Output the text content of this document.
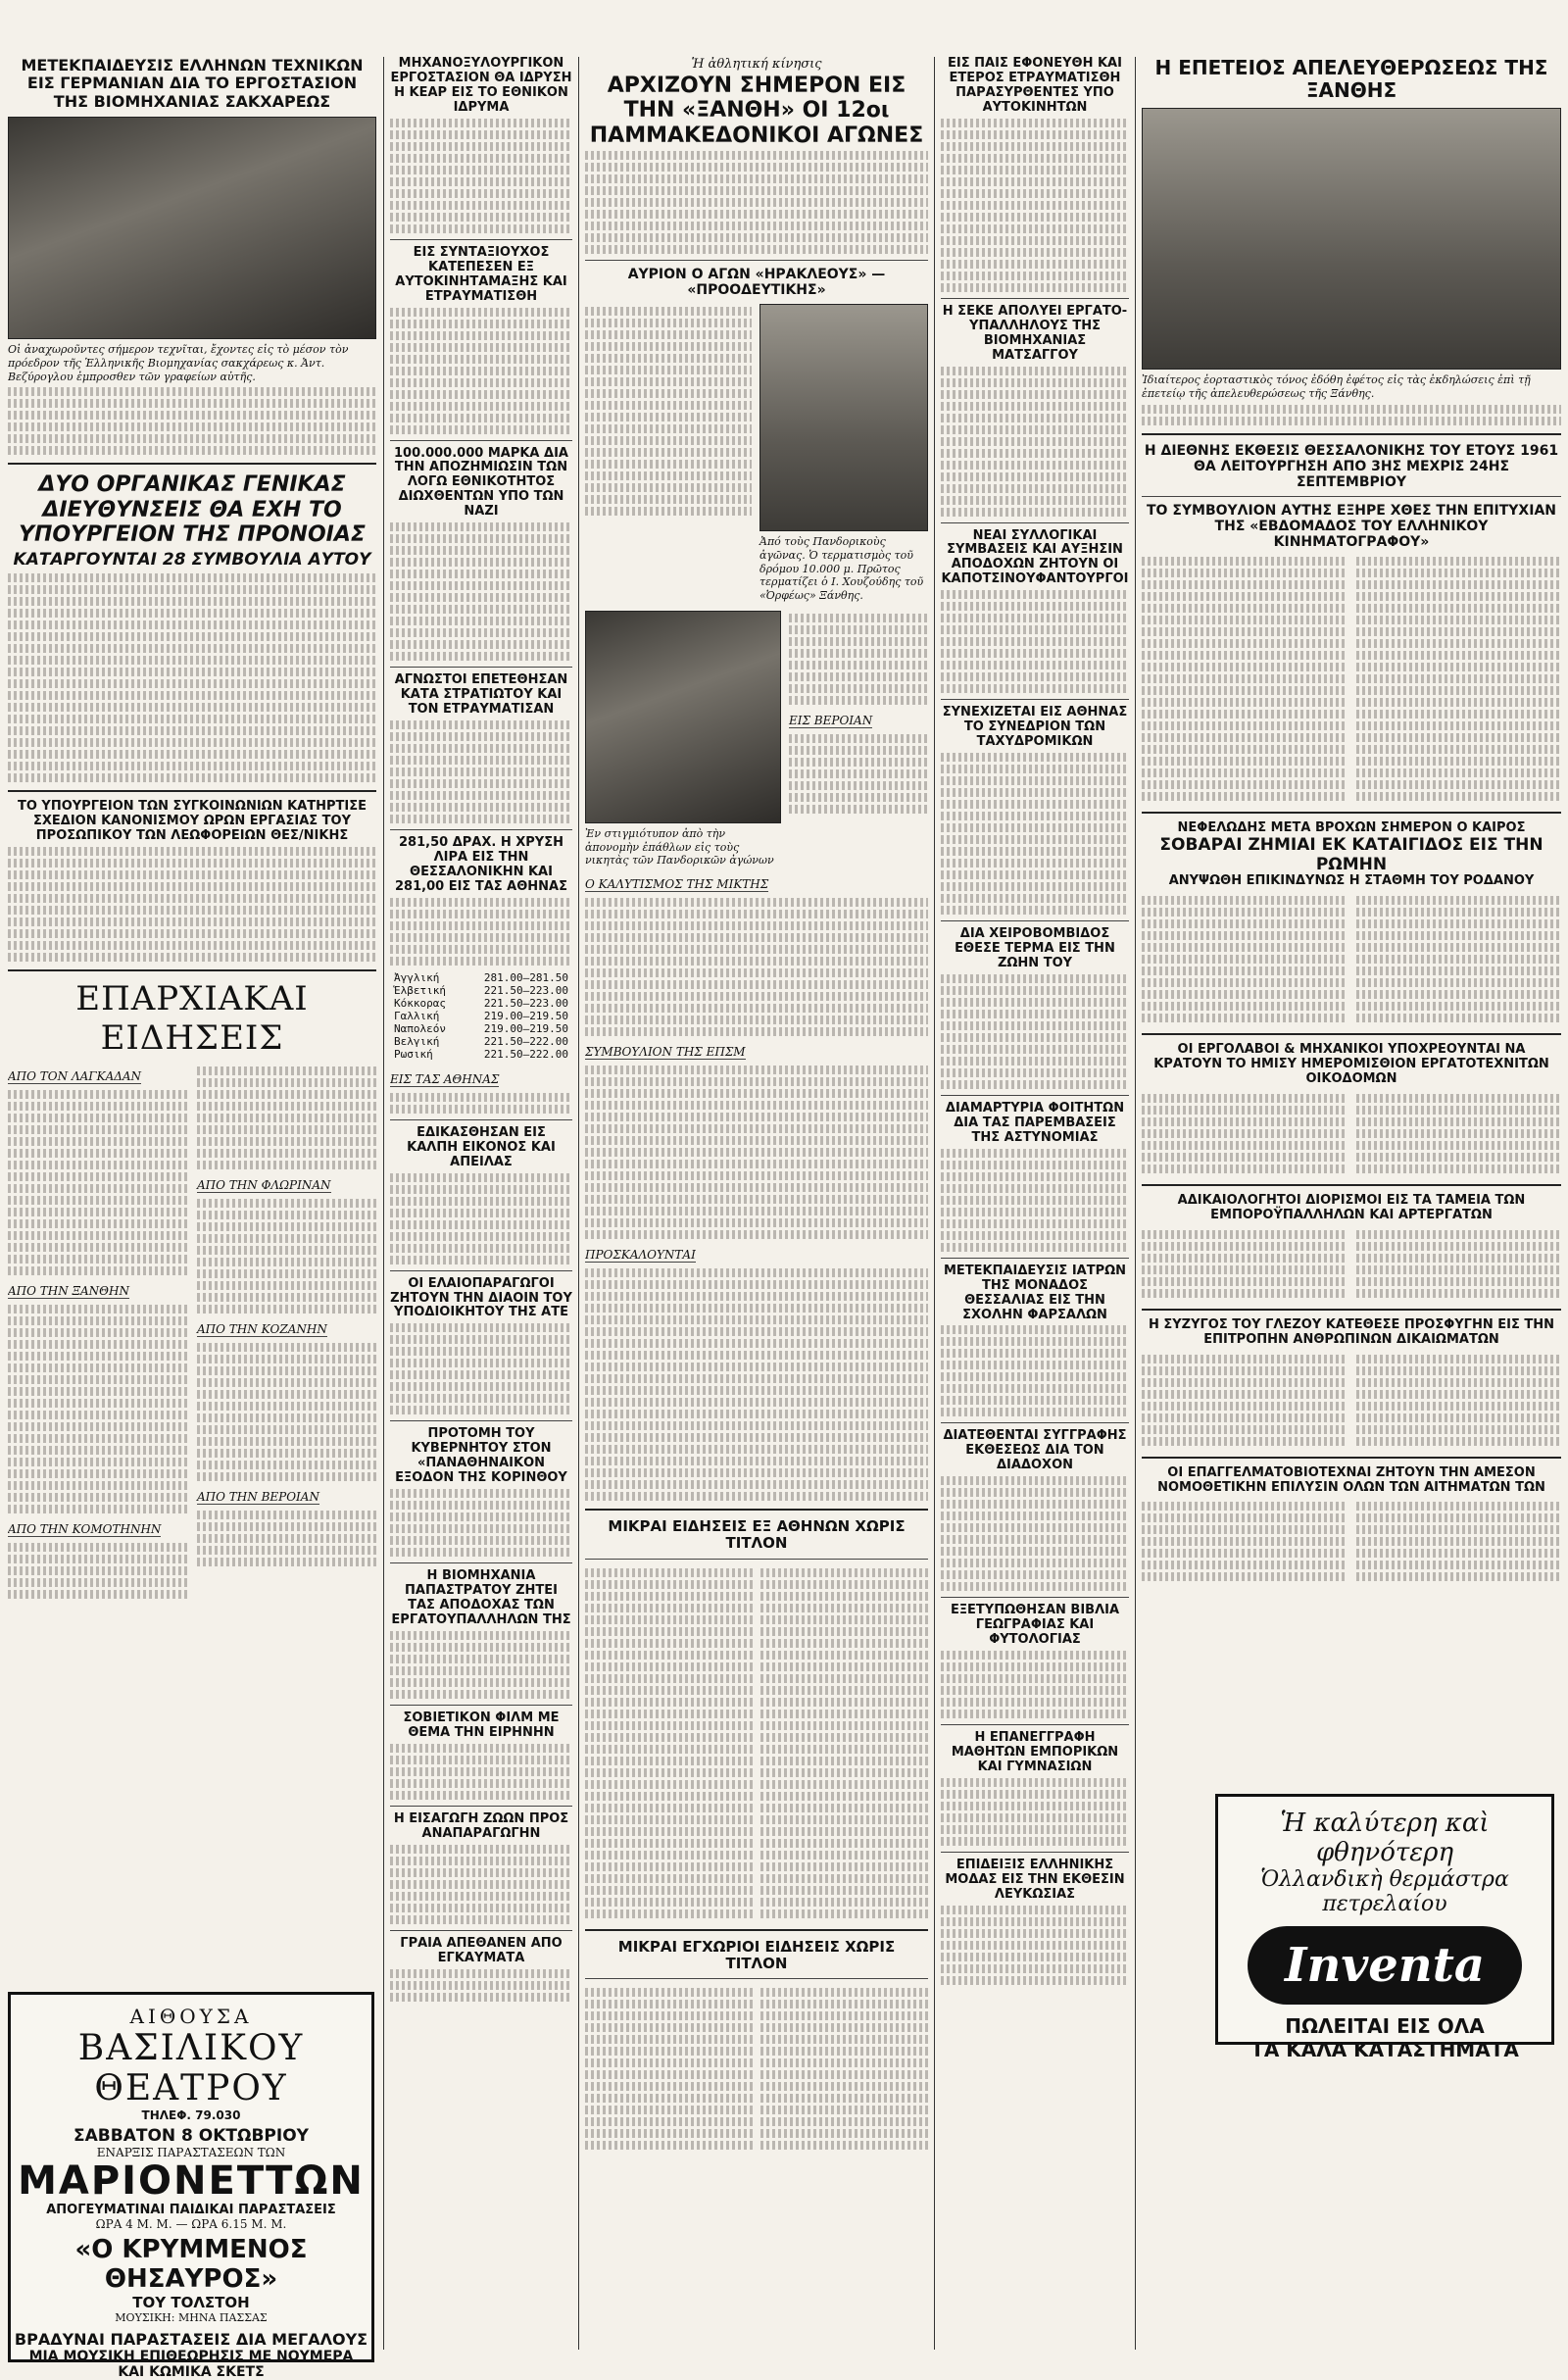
ΜΕΤΕΚΠΑΙΔΕΥΣΙΣ ΕΛΛΗΝΩΝ ΤΕΧΝΙΚΩΝ ΕΙΣ ΓΕΡΜΑΝΙΑΝ ΔΙΑ ΤΟ ΕΡΓΟΣΤΑΣΙΟΝ ΤΗΣ ΒΙΟΜΗΧΑΝΙΑΣ ΣΑΚΧΑΡΕΩΣ
Οἱ ἀναχωροῦντες σήμερον τεχνῖται, ἔχοντες εἰς τὸ μέσον τὸν πρόεδρον τῆς Ἑλληνικῆς Βιομηχανίας σακχάρεως κ. Ἀντ. Βεζύρογλου ἐμπροσθεν τῶν γραφείων αὐτῆς.
ΔΥΟ ΟΡΓΑΝΙΚΑΣ ΓΕΝΙΚΑΣ ΔΙΕΥΘΥΝΣΕΙΣ ΘΑ ΕΧΗ ΤΟ ΥΠΟΥΡΓΕΙΟΝ ΤΗΣ ΠΡΟΝΟΙΑΣ
ΚΑΤΑΡΓΟΥΝΤΑΙ 28 ΣΥΜΒΟΥΛΙΑ ΑΥΤΟΥ
ΤΟ ΥΠΟΥΡΓΕΙΟΝ ΤΩΝ ΣΥΓΚΟΙΝΩΝΙΩΝ ΚΑΤΗΡΤΙΣΕ ΣΧΕΔΙΟΝ ΚΑΝΟΝΙΣΜΟΥ ΩΡΩΝ ΕΡΓΑΣΙΑΣ ΤΟΥ ΠΡΟΣΩΠΙΚΟΥ ΤΩΝ ΛΕΩΦΟΡΕΙΩΝ ΘΕΣ/ΝΙΚΗΣ
ΕΠΑΡΧΙΑΚΑΙ ΕΙΔΗΣΕΙΣ
ΑΠΟ ΤΟΝ ΛΑΓΚΑΔΑΝ
ΑΠΟ ΤΗΝ ΞΑΝΘΗΝ
ΑΠΟ ΤΗΝ ΚΟΜΟΤΗΝΗΝ
ΑΠΟ ΤΗΝ ΦΛΩΡΙΝΑΝ
ΑΠΟ ΤΗΝ ΚΟΖΑΝΗΝ
ΑΠΟ ΤΗΝ ΒΕΡΟΙΑΝ
ΑΙΘΟΥΣΑ
ΒΑΣΙΛΙΚΟΥ ΘΕΑΤΡΟΥ
ΤΗΛΕΦ. 79.030
ΣΑΒΒΑΤΟΝ 8 ΟΚΤΩΒΡΙΟΥ
ΕΝΑΡΞΙΣ ΠΑΡΑΣΤΑΣΕΩΝ ΤΩΝ
ΜΑΡΙΟΝΕΤΤΩΝ
ΑΠΟΓΕΥΜΑΤΙΝΑΙ ΠΑΙΔΙΚΑΙ ΠΑΡΑΣΤΑΣΕΙΣ
ΩΡΑ 4 Μ. Μ. — ΩΡΑ 6.15 Μ. Μ.
«Ο ΚΡΥΜΜΕΝΟΣ ΘΗΣΑΥΡΟΣ»
ΤΟΥ ΤΟΛΣΤΟΗ
ΜΟΥΣΙΚΗ: ΜΗΝΑ ΠΑΣΣΑΣ
ΒΡΑΔΥΝΑΙ ΠΑΡΑΣΤΑΣΕΙΣ ΔΙΑ ΜΕΓΑΛΟΥΣ
ΜΙΑ ΜΟΥΣΙΚΗ ΕΠΙΘΕΩΡΗΣΙΣ ΜΕ ΝΟΥΜΕΡΑ
ΚΑΙ ΚΩΜΙΚΑ ΣΚΕΤΣ
ΜΗΧΑΝΟΞΥΛΟΥΡΓΙΚΟΝ ΕΡΓΟΣΤΑΣΙΟΝ ΘΑ ΙΔΡΥΣΗ Η ΚΕΑΡ ΕΙΣ ΤΟ ΕΘΝΙΚΟΝ ΙΔΡΥΜΑ
ΕΙΣ ΣΥΝΤΑΞΙΟΥΧΟΣ ΚΑΤΕΠΕΣΕΝ ΕΞ ΑΥΤΟΚΙΝΗΤΑΜΑΞΗΣ ΚΑΙ ΕΤΡΑΥΜΑΤΙΣΘΗ
100.000.000 ΜΑΡΚΑ ΔΙΑ ΤΗΝ ΑΠΟΖΗΜΙΩΣΙΝ ΤΩΝ ΛΟΓΩ ΕΘΝΙΚΟΤΗΤΟΣ ΔΙΩΧΘΕΝΤΩΝ ΥΠΟ ΤΩΝ ΝΑΖΙ
ΑΓΝΩΣΤΟΙ ΕΠΕΤΕΘΗΣΑΝ ΚΑΤΑ ΣΤΡΑΤΙΩΤΟΥ ΚΑΙ ΤΟΝ ΕΤΡΑΥΜΑΤΙΣΑΝ
281,50 ΔΡΑΧ. Η ΧΡΥΣΗ ΛΙΡΑ ΕΙΣ ΤΗΝ ΘΕΣΣΑΛΟΝΙΚΗΝ ΚΑΙ 281,00 ΕΙΣ ΤΑΣ ΑΘΗΝΑΣ
Ἀγγλική	281.00—281.50
Ἑλβετική	221.50—223.00
Κόκκορας	221.50—223.00
Γαλλική	219.00—219.50
Ναπολεόν	219.00—219.50
Βελγική	221.50—222.00
Ρωσική	221.50—222.00
ΕΙΣ ΤΑΣ ΑΘΗΝΑΣ
ΕΔΙΚΑΣΘΗΣΑΝ ΕΙΣ ΚΑΛΠΗ ΕΙΚΟΝΟΣ ΚΑΙ ΑΠΕΙΛΑΣ
ΟΙ ΕΛΑΙΟΠΑΡΑΓΩΓΟΙ ΖΗΤΟΥΝ ΤΗΝ ΔΙΑΟΙΝ ΤΟΥ ΥΠΟΔΙΟΙΚΗΤΟΥ ΤΗΣ ΑΤΕ
ΠΡΟΤΟΜΗ ΤΟΥ ΚΥΒΕΡΝΗΤΟΥ ΣΤΟΝ «ΠΑΝΑΘΗΝΑΙΚΟΝ ΕΞΟΔΟΝ ΤΗΣ ΚΟΡΙΝΘΟΥ
Η ΒΙΟΜΗΧΑΝΙΑ ΠΑΠΑΣΤΡΑΤΟΥ ΖΗΤΕΙ ΤΑΣ ΑΠΟΔΟΧΑΣ ΤΩΝ ΕΡΓΑΤΟΥΠΑΛΛΗΛΩΝ ΤΗΣ
ΣΟΒΙΕΤΙΚΟΝ ΦΙΛΜ ΜΕ ΘΕΜΑ ΤΗΝ ΕΙΡΗΝΗΝ
Η ΕΙΣΑΓΩΓΗ ΖΩΩΝ ΠΡΟΣ ΑΝΑΠΑΡΑΓΩΓΗΝ
ΓΡΑΙΑ ΑΠΕΘΑΝΕΝ ΑΠΟ ΕΓΚΑΥΜΑΤΑ
Ἡ ἀθλητική κίνησις
ΑΡΧΙΖΟΥΝ ΣΗΜΕΡΟΝ ΕΙΣ ΤΗΝ «ΞΑΝΘΗ» ΟΙ 12οι ΠΑΜΜΑΚΕΔΟΝΙΚΟΙ ΑΓΩΝΕΣ
ΑΥΡΙΟΝ Ο ΑΓΩΝ «ΗΡΑΚΛΕΟΥΣ» — «ΠΡΟΟΔΕΥΤΙΚΗΣ»
Ἀπό τοὺς Πανδορικοὺς ἀγῶνας. Ὁ τερματισμὸς τοῦ δρόμου 10.000 μ. Πρῶτος τερματίζει ὁ Ι. Χουζούδης τοῦ «Ὀρφέως» Ξάνθης.
Ἐν στιγμιότυπον ἀπὸ τὴν ἀπονομὴν ἐπάθλων εἰς τοὺς νικητὰς τῶν Πανδορικῶν ἀγώνων
ΕΙΣ ΒΕΡΟΙΑΝ
Ο ΚΑΛΥΤΙΣΜΟΣ ΤΗΣ ΜΙΚΤΗΣ
ΣΥΜΒΟΥΛΙΟΝ ΤΗΣ ΕΠΣΜ
ΠΡΟΣΚΑΛΟΥΝΤΑΙ
ΜΙΚΡΑΙ ΕΙΔΗΣΕΙΣ ΕΞ ΑΘΗΝΩΝ ΧΩΡΙΣ ΤΙΤΛΟΝ
ΜΙΚΡΑΙ ΕΓΧΩΡΙΟΙ ΕΙΔΗΣΕΙΣ ΧΩΡΙΣ ΤΙΤΛΟΝ
ΕΙΣ ΠΑΙΣ ΕΦΟΝΕΥΘΗ ΚΑΙ ΕΤΕΡΟΣ ΕΤΡΑΥΜΑΤΙΣΘΗ ΠΑΡΑΣΥΡΘΕΝΤΕΣ ΥΠΟ ΑΥΤΟΚΙΝΗΤΩΝ
Η ΣΕΚΕ ΑΠΟΛΥΕΙ ΕΡΓΑΤΟ-ΥΠΑΛΛΗΛΟΥΣ ΤΗΣ ΒΙΟΜΗΧΑΝΙΑΣ ΜΑΤΣΑΓΓΟΥ
ΝΕΑΙ ΣΥΛΛΟΓΙΚΑΙ ΣΥΜΒΑΣΕΙΣ ΚΑΙ ΑΥΞΗΣΙΝ ΑΠΟΔΟΧΩΝ ΖΗΤΟΥΝ ΟΙ ΚΑΠΟΤΣΙΝΟΥΦΑΝΤΟΥΡΓΟΙ
ΣΥΝΕΧΙΖΕΤΑΙ ΕΙΣ ΑΘΗΝΑΣ ΤΟ ΣΥΝΕΔΡΙΟΝ ΤΩΝ ΤΑΧΥΔΡΟΜΙΚΩΝ
ΔΙΑ ΧΕΙΡΟΒΟΜΒΙΔΟΣ ΕΘΕΣΕ ΤΕΡΜΑ ΕΙΣ ΤΗΝ ΖΩΗΝ ΤΟΥ
ΔΙΑΜΑΡΤΥΡΙΑ ΦΟΙΤΗΤΩΝ ΔΙΑ ΤΑΣ ΠΑΡΕΜΒΑΣΕΙΣ ΤΗΣ ΑΣΤΥΝΟΜΙΑΣ
ΜΕΤΕΚΠΑΙΔΕΥΣΙΣ ΙΑΤΡΩΝ ΤΗΣ ΜΟΝΑΔΟΣ ΘΕΣΣΑΛΙΑΣ ΕΙΣ ΤΗΝ ΣΧΟΛΗΝ ΦΑΡΣΑΛΩΝ
ΔΙΑΤΕΘΕΝΤΑΙ ΣΥΓΓΡΑΦΗΣ ΕΚΘΕΣΕΩΣ ΔΙΑ ΤΟΝ ΔΙΑΔΟΧΟΝ
ΕΞΕΤΥΠΩΘΗΣΑΝ ΒΙΒΛΙΑ ΓΕΩΓΡΑΦΙΑΣ ΚΑΙ ΦΥΤΟΛΟΓΙΑΣ
Η ΕΠΑΝΕΓΓΡΑΦΗ ΜΑΘΗΤΩΝ ΕΜΠΟΡΙΚΩΝ ΚΑΙ ΓΥΜΝΑΣΙΩΝ
ΕΠΙΔΕΙΞΙΣ ΕΛΛΗΝΙΚΗΣ ΜΟΔΑΣ ΕΙΣ ΤΗΝ ΕΚΘΕΣΙΝ ΛΕΥΚΩΣΙΑΣ
Η ΕΠΕΤΕΙΟΣ ΑΠΕΛΕΥΘΕΡΩΣΕΩΣ ΤΗΣ ΞΑΝΘΗΣ
Ἰδιαίτερος ἑορταστικὸς τόνος ἐδόθη ἐφέτος εἰς τὰς ἐκδηλώσεις ἐπὶ τῇ ἐπετείῳ τῆς ἀπελευθερώσεως τῆς Ξάνθης.
Η ΔΙΕΘΝΗΣ ΕΚΘΕΣΙΣ ΘΕΣΣΑΛΟΝΙΚΗΣ ΤΟΥ ΕΤΟΥΣ 1961 ΘΑ ΛΕΙΤΟΥΡΓΗΣΗ ΑΠΟ 3ΗΣ ΜΕΧΡΙΣ 24ΗΣ ΣΕΠΤΕΜΒΡΙΟΥ
ΤΟ ΣΥΜΒΟΥΛΙΟΝ ΑΥΤΗΣ ΕΞΗΡΕ ΧΘΕΣ ΤΗΝ ΕΠΙΤΥΧΙΑΝ ΤΗΣ «ΕΒΔΟΜΑΔΟΣ ΤΟΥ ΕΛΛΗΝΙΚΟΥ ΚΙΝΗΜΑΤΟΓΡΑΦΟΥ»
ΝΕΦΕΛΩΔΗΣ ΜΕΤΑ ΒΡΟΧΩΝ ΣΗΜΕΡΟΝ Ο ΚΑΙΡΟΣ
ΣΟΒΑΡΑΙ ΖΗΜΙΑΙ ΕΚ ΚΑΤΑΙΓΙΔΟΣ ΕΙΣ ΤΗΝ ΡΩΜΗΝ
ΑΝΥΨΩΘΗ ΕΠΙΚΙΝΔΥΝΩΣ Η ΣΤΑΘΜΗ ΤΟΥ ΡΟΔΑΝΟΥ
ΟΙ ΕΡΓΟΛΑΒΟΙ & ΜΗΧΑΝΙΚΟΙ ΥΠΟΧΡΕΟΥΝΤΑΙ ΝΑ ΚΡΑΤΟΥΝ ΤΟ ΗΜΙΣΥ ΗΜΕΡΟΜΙΣΘΙΟΝ ΕΡΓΑΤΟΤΕΧΝΙΤΩΝ ΟΙΚΟΔΟΜΩΝ
ΑΔΙΚΑΙΟΛΟΓΗΤΟΙ ΔΙΟΡΙΣΜΟΙ ΕΙΣ ΤΑ ΤΑΜΕΙΑ ΤΩΝ ΕΜΠΟΡΟΫΠΑΛΛΗΛΩΝ ΚΑΙ ΑΡΤΕΡΓΑΤΩΝ
Η ΣΥΖΥΓΟΣ ΤΟΥ ΓΛΕΖΟΥ ΚΑΤΕΘΕΣΕ ΠΡΟΣΦΥΓΗΝ ΕΙΣ ΤΗΝ ΕΠΙΤΡΟΠΗΝ ΑΝΘΡΩΠΙΝΩΝ ΔΙΚΑΙΩΜΑΤΩΝ
ΟΙ ΕΠΑΓΓΕΛΜΑΤΟΒΙΟΤΕΧΝΑΙ ΖΗΤΟΥΝ ΤΗΝ ΑΜΕΣΟΝ ΝΟΜΟΘΕΤΙΚΗΝ ΕΠΙΛΥΣΙΝ ΟΛΩΝ ΤΩΝ ΑΙΤΗΜΑΤΩΝ ΤΩΝ
Ἡ καλύτερη καὶ φθηνότερη
Ὁλλανδικὴ θερμάστρα πετρελαίου
Inventa
ΠΩΛΕΙΤΑΙ ΕΙΣ ΟΛΑ
ΤΑ ΚΑΛΑ ΚΑΤΑΣΤΗΜΑΤΑ
